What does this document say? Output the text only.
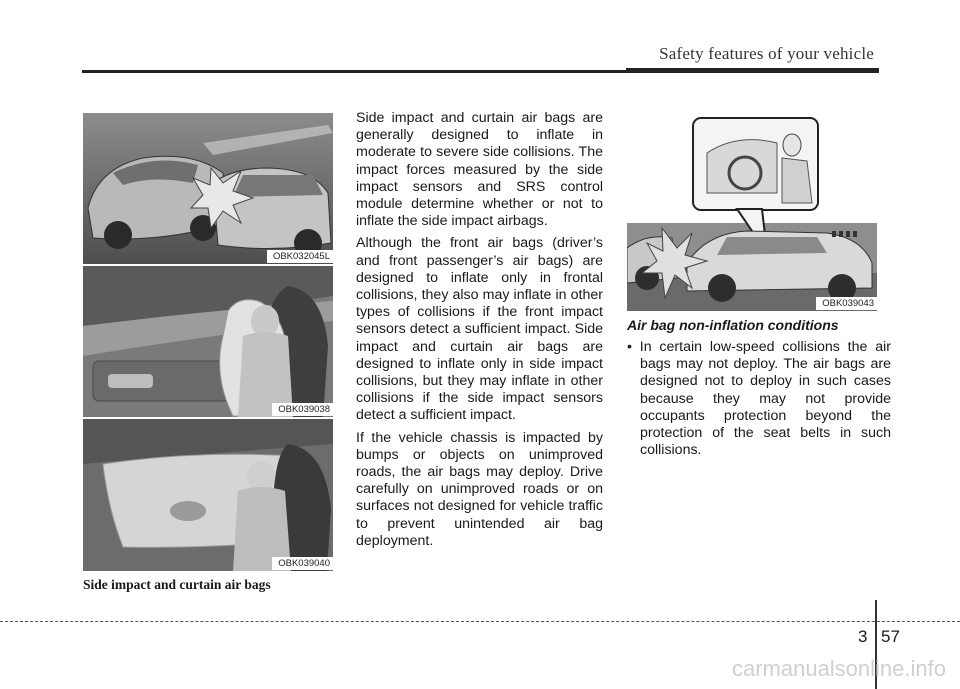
Safety features of your vehicle
OBK032045L
OBK039038
OBK039040
Side impact and curtain air bags

Side impact and curtain air bags are generally designed to inflate in moderate to severe side collisions. The impact forces measured by the side impact sensors and SRS control module determine whether or not to inflate the side impact airbags.

Although the front air bags (driver’s and front passenger’s air bags) are designed to inflate only in frontal collisions, they also may inflate in other types of collisions if the front impact sensors detect a sufficient impact. Side impact and curtain air bags are designed to inflate only in side impact collisions, but they may inflate in other collisions if the side impact sensors detect a sufficient impact.

If the vehicle chassis is impacted by bumps or objects on unimproved roads, the air bags may deploy. Drive carefully on unimproved roads or on surfaces not designed for vehicle traffic to prevent unintended air bag deployment.

OBK039043
Air bag non-inflation conditions
• In certain low-speed collisions the air bags may not deploy. The air bags are designed not to deploy in such cases because they may not provide occupants protection beyond the protection of the seat belts in such collisions.
3 57
carmanualsonline.info
